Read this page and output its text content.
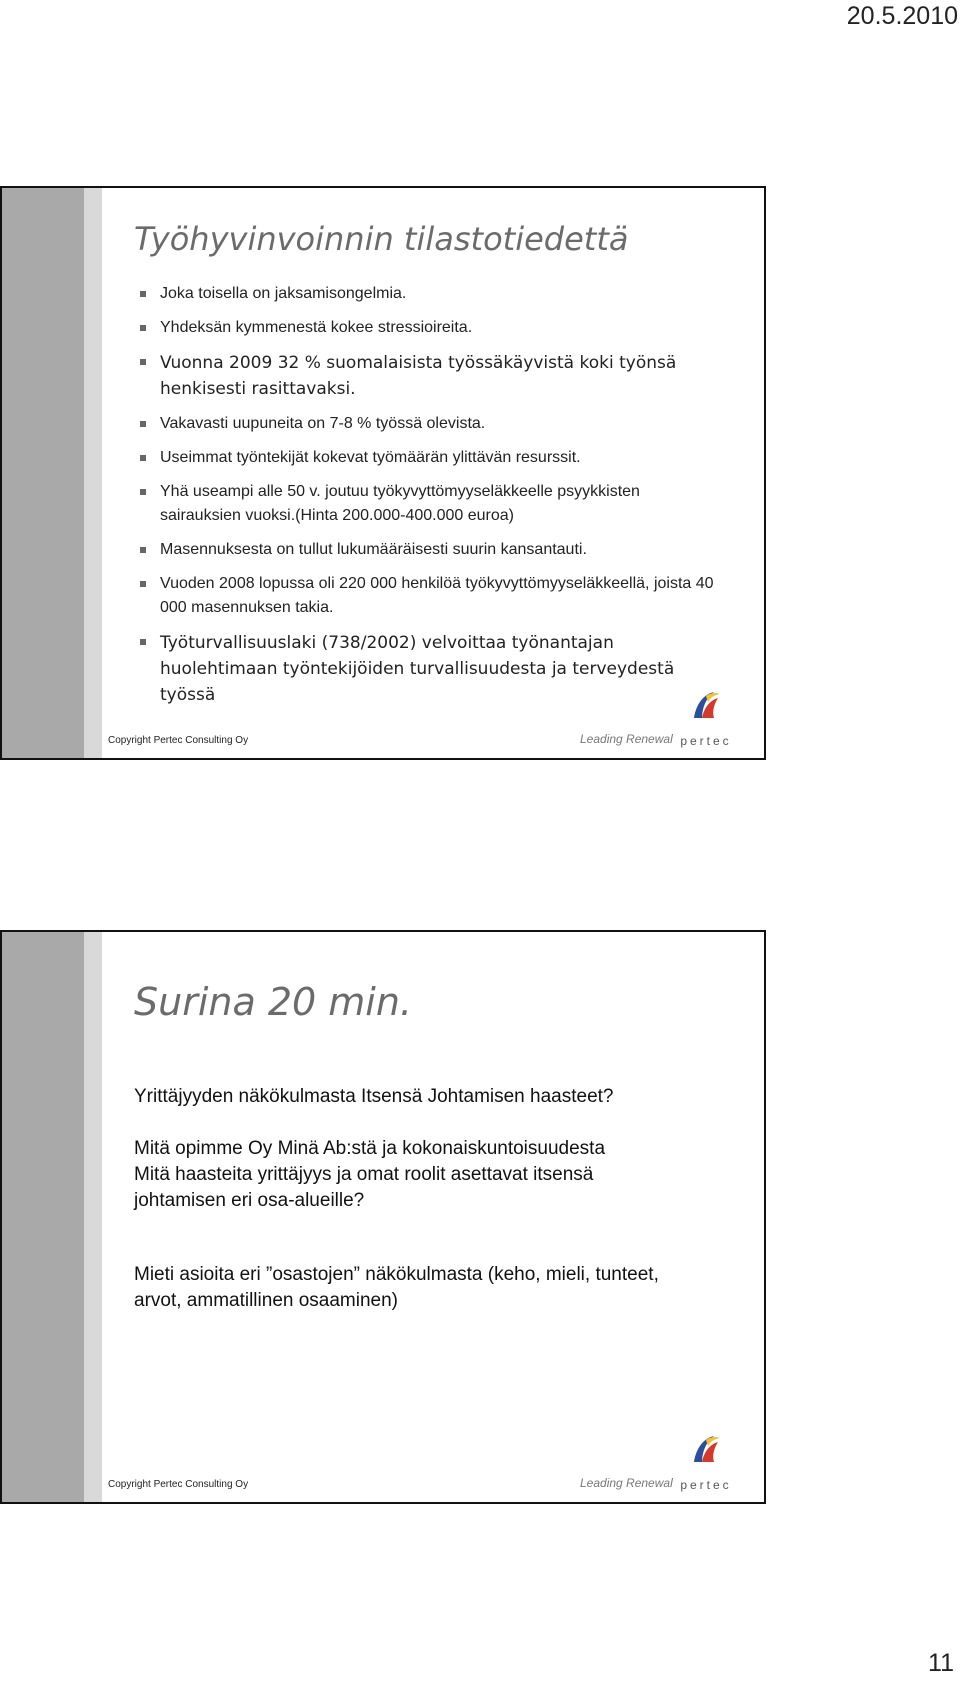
20.5.2010
Työhyvinvoinnin tilastotiedettä
Joka toisella on jaksamisongelmia.
Yhdeksän kymmenestä kokee stressioireita.
Vuonna 2009 32 % suomalaisista työssäkäyvistä koki työnsä henkisesti rasittavaksi.
Vakavasti uupuneita on 7-8 % työssä olevista.
Useimmat työntekijät kokevat työmäärän ylittävän resurssit.
Yhä useampi alle 50 v. joutuu työkyvyttömyyseläkkeelle psyykkisten sairauksien vuoksi.(Hinta 200.000-400.000 euroa)
Masennuksesta on tullut lukumääräisesti suurin kansantauti.
Vuoden 2008 lopussa oli 220 000 henkilöä työkyvyttömyyseläkkeellä, joista 40 000 masennuksen takia.
Työturvallisuuslaki (738/2002) velvoittaa työnantajan huolehtimaan työntekijöiden turvallisuudesta ja terveydestä työssä
Copyright Pertec Consulting Oy	Leading Renewal pertec
Surina 20 min.

Yrittäjyyden näkökulmasta Itsensä Johtamisen haasteet?

Mitä opimme Oy Minä Ab:stä ja kokonaiskuntoisuudesta

Mitä haasteita yrittäjyys ja omat roolit asettavat itsensä johtamisen eri osa-alueille?

Mieti asioita eri ”osastojen” näkökulmasta (keho, mieli, tunteet, arvot, ammatillinen osaaminen)

Copyright Pertec Consulting Oy	Leading Renewal pertec
11
